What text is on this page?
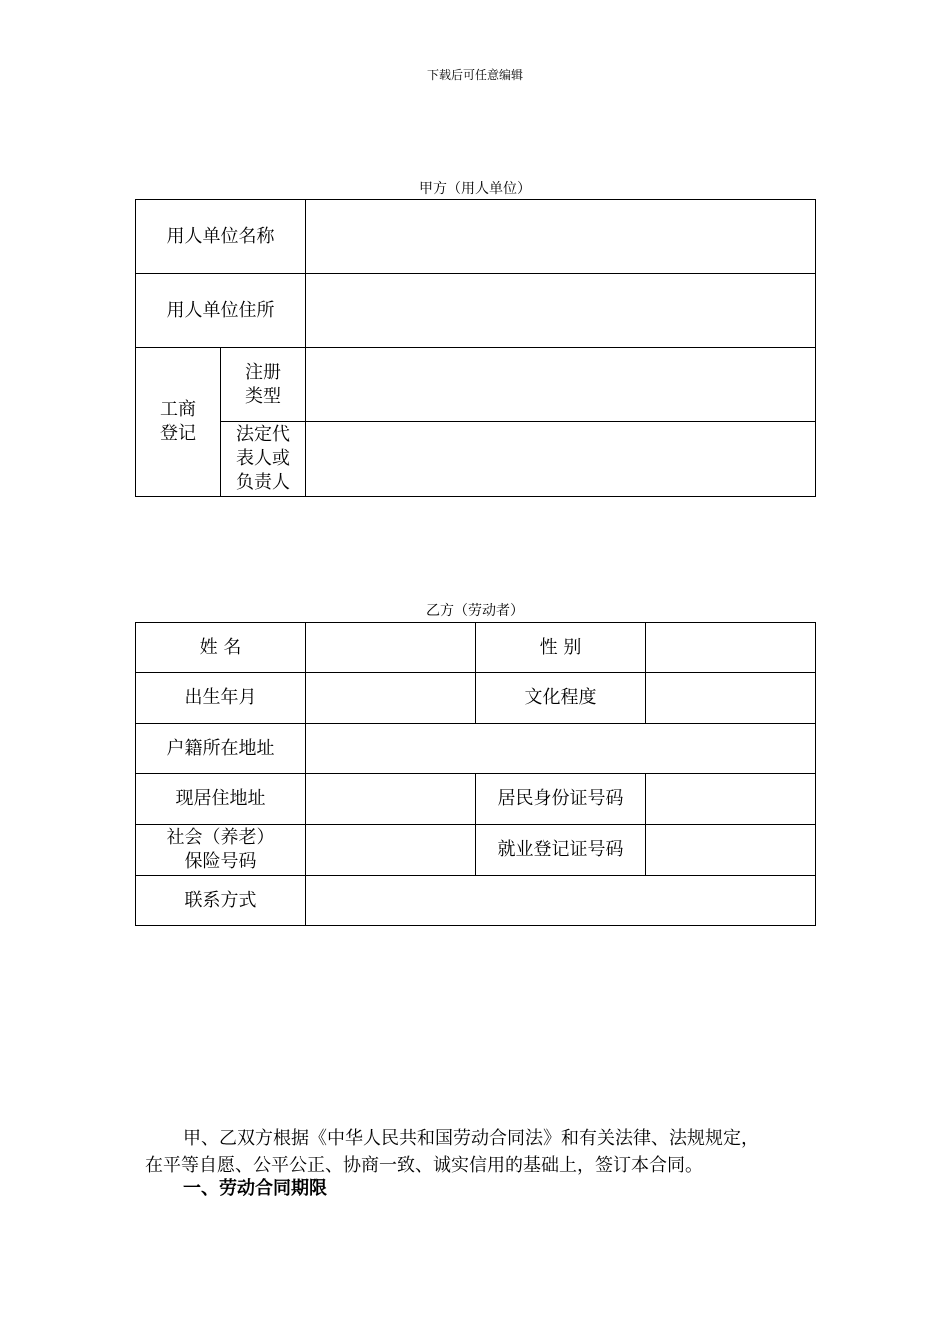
下载后可任意编辑
甲方（用人单位）
用人单位名称		
用人单位住所		

工商登记	注册类型	

	法定代表人或负责人	

乙方（劳动者）
姓 名		性 别	
出生年月		文化程度	
户籍所在地址			
现居住地址		居民身份证号码	

社会（养老）保险号码		就业登记证号码	
联系方式			
甲、乙双方根据《中华人民共和国劳动合同法》和有关法律、法规规定，
在平等自愿、公平公正、协商一致、诚实信用的基础上，签订本合同。
一、劳动合同期限
